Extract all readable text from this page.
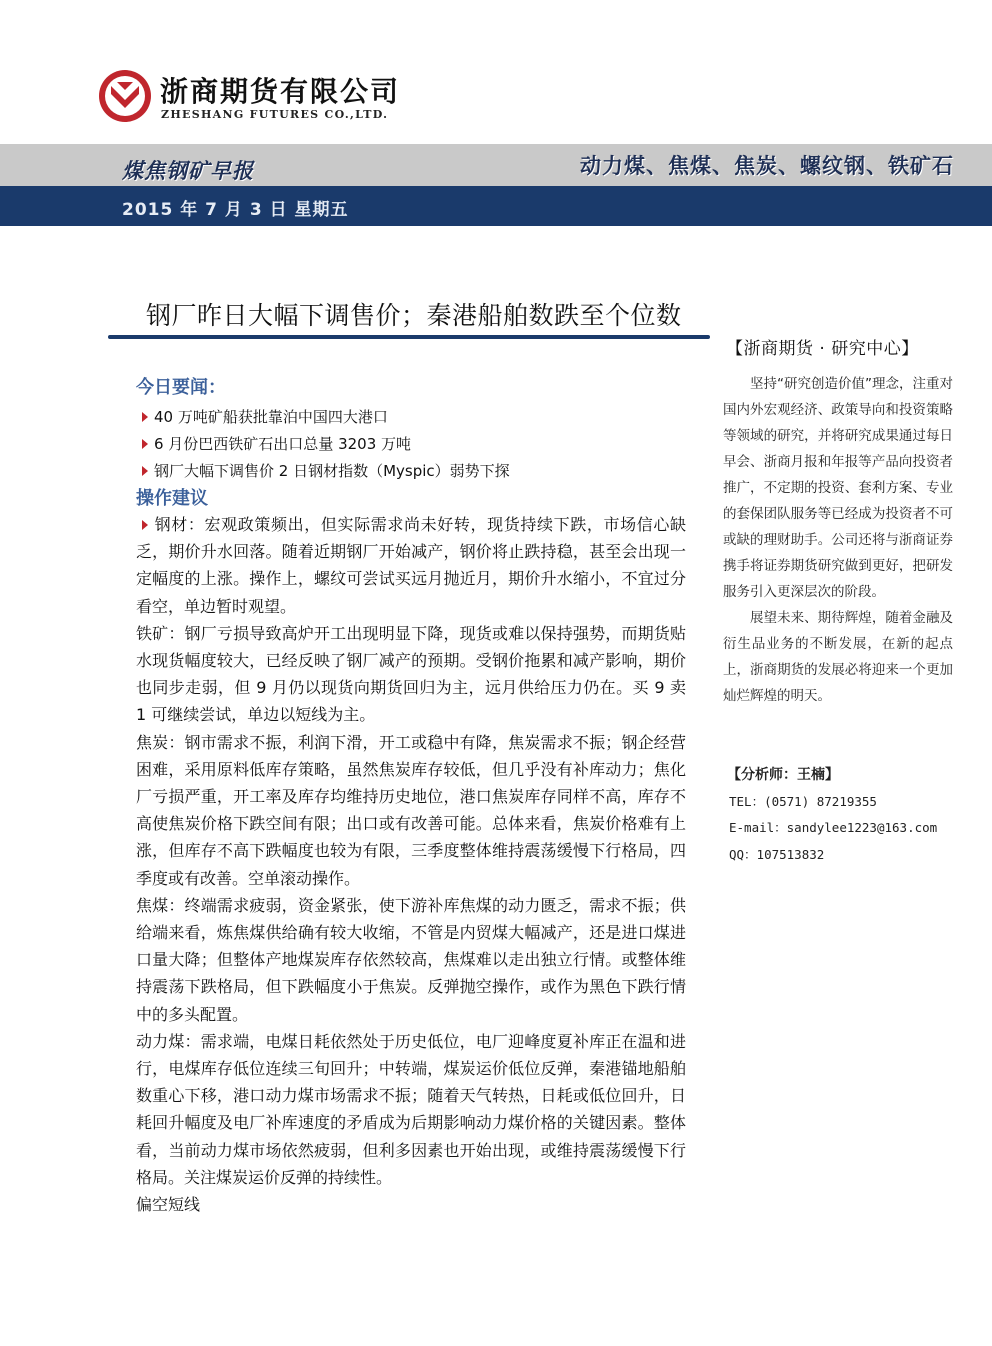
浙商期货有限公司
ZHESHANG FUTURES CO.,LTD.
煤焦钢矿早报	动力煤、焦煤、焦炭、螺纹钢、铁矿石
2015 年 7 月 3 日 星期五
钢厂昨日大幅下调售价；秦港船舶数跌至个位数
【浙商期货 · 研究中心】
今日要闻：
40 万吨矿船获批靠泊中国四大港口
6 月份巴西铁矿石出口总量 3203 万吨
钢厂大幅下调售价 2 日钢材指数（Myspic）弱势下探
操作建议

钢材：宏观政策频出，但实际需求尚未好转，现货持续下跌，市场信心缺乏，期价升水回落。随着近期钢厂开始减产，钢价将止跌持稳，甚至会出现一定幅度的上涨。操作上，螺纹可尝试买远月抛近月，期价升水缩小，不宜过分看空，单边暂时观望。

铁矿：钢厂亏损导致高炉开工出现明显下降，现货或难以保持强势，而期货贴水现货幅度较大，已经反映了钢厂减产的预期。受钢价拖累和减产影响，期价也同步走弱，但 9 月仍以现货向期货回归为主，远月供给压力仍在。买 9 卖 1 可继续尝试，单边以短线为主。

焦炭：钢市需求不振，利润下滑，开工或稳中有降，焦炭需求不振；钢企经营困难，采用原料低库存策略，虽然焦炭库存较低，但几乎没有补库动力；焦化厂亏损严重，开工率及库存均维持历史地位，港口焦炭库存同样不高，库存不高使焦炭价格下跌空间有限；出口或有改善可能。总体来看，焦炭价格难有上涨，但库存不高下跌幅度也较为有限，三季度整体维持震荡缓慢下行格局，四季度或有改善。空单滚动操作。

焦煤：终端需求疲弱，资金紧张，使下游补库焦煤的动力匮乏，需求不振；供给端来看，炼焦煤供给确有较大收缩，不管是内贸煤大幅减产，还是进口煤进口量大降；但整体产地煤炭库存依然较高，焦煤难以走出独立行情。或整体维持震荡下跌格局，但下跌幅度小于焦炭。反弹抛空操作，或作为黑色下跌行情中的多头配置。

动力煤：需求端，电煤日耗依然处于历史低位，电厂迎峰度夏补库正在温和进行，电煤库存低位连续三旬回升；中转端，煤炭运价低位反弹，秦港锚地船舶数重心下移，港口动力煤市场需求不振；随着天气转热，日耗或低位回升，日耗回升幅度及电厂补库速度的矛盾成为后期影响动力煤价格的关键因素。整体看，当前动力煤市场依然疲弱，但利多因素也开始出现，或维持震荡缓慢下行格局。关注煤炭运价反弹的持续性。

偏空短线

坚持“研究创造价值”理念，注重对国内外宏观经济、政策导向和投资策略等领域的研究，并将研究成果通过每日早会、浙商月报和年报等产品向投资者推广，不定期的投资、套利方案、专业的套保团队服务等已经成为投资者不可或缺的理财助手。公司还将与浙商证券携手将证券期货研究做到更好，把研发服务引入更深层次的阶段。

展望未来、期待辉煌，随着金融及衍生品业务的不断发展，在新的起点上，浙商期货的发展必将迎来一个更加灿烂辉煌的明天。

【分析师：王楠】
TEL：(0571) 87219355
E-mail：sandylee1223@163.com
QQ：107513832
